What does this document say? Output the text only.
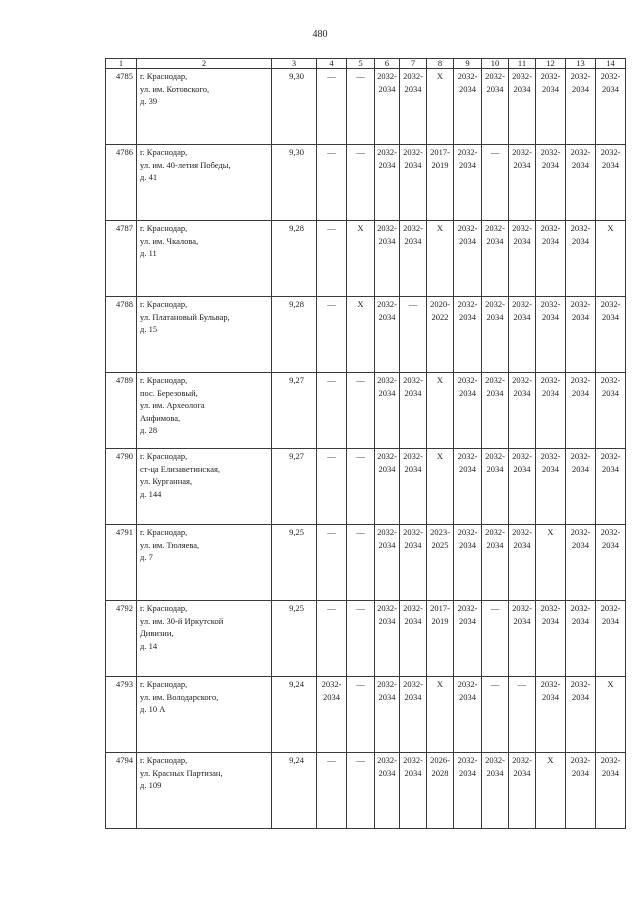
480
1	2	3	4	5	6	7	8	9	10	11	12	13	14
4785	г. Краснодар,
ул. им. Котовского,
д. 39	9,30	—	—	2032-2034	2032-2034	X	2032-2034	2032-2034	2032-2034	2032-2034	2032-2034	2032-2034
4786	г. Краснодар,
ул. им. 40-летия Победы,
д. 41	9,30	—	—	2032-2034	2032-2034	2017-2019	2032-2034	—	2032-2034	2032-2034	2032-2034	2032-2034
4787	г. Краснодар,
ул. им. Чкалова,
д. 11	9,28	—	X	2032-2034	2032-2034	X	2032-2034	2032-2034	2032-2034	2032-2034	2032-2034	X
4788	г. Краснодар,
ул. Платановый Бульвар,
д. 15	9,28	—	X	2032-2034	—	2020-2022	2032-2034	2032-2034	2032-2034	2032-2034	2032-2034	2032-2034
4789	г. Краснодар,
пос. Березовый,
ул. им. Археолога
Анфимова,
д. 28	9,27	—	—	2032-2034	2032-2034	X	2032-2034	2032-2034	2032-2034	2032-2034	2032-2034	2032-2034
4790	г. Краснодар,
ст-ца Елизаветинская,
ул. Курганная,
д. 144	9,27	—	—	2032-2034	2032-2034	X	2032-2034	2032-2034	2032-2034	2032-2034	2032-2034	2032-2034
4791	г. Краснодар,
ул. им. Тюляева,
д. 7	9,25	—	—	2032-2034	2032-2034	2023-2025	2032-2034	2032-2034	2032-2034	X	2032-2034	2032-2034
4792	г. Краснодар,
ул. им. 30-й Иркутской
Дивизии,
д. 14	9,25	—	—	2032-2034	2032-2034	2017-2019	2032-2034	—	2032-2034	2032-2034	2032-2034	2032-2034
4793	г. Краснодар,
ул. им. Володарского,
д. 10 А	9,24	2032-2034	—	2032-2034	2032-2034	X	2032-2034	—	—	2032-2034	2032-2034	X
4794	г. Краснодар,
ул. Красных Партизан,
д. 109	9,24	—	—	2032-2034	2032-2034	2026-2028	2032-2034	2032-2034	2032-2034	X	2032-2034	2032-2034
